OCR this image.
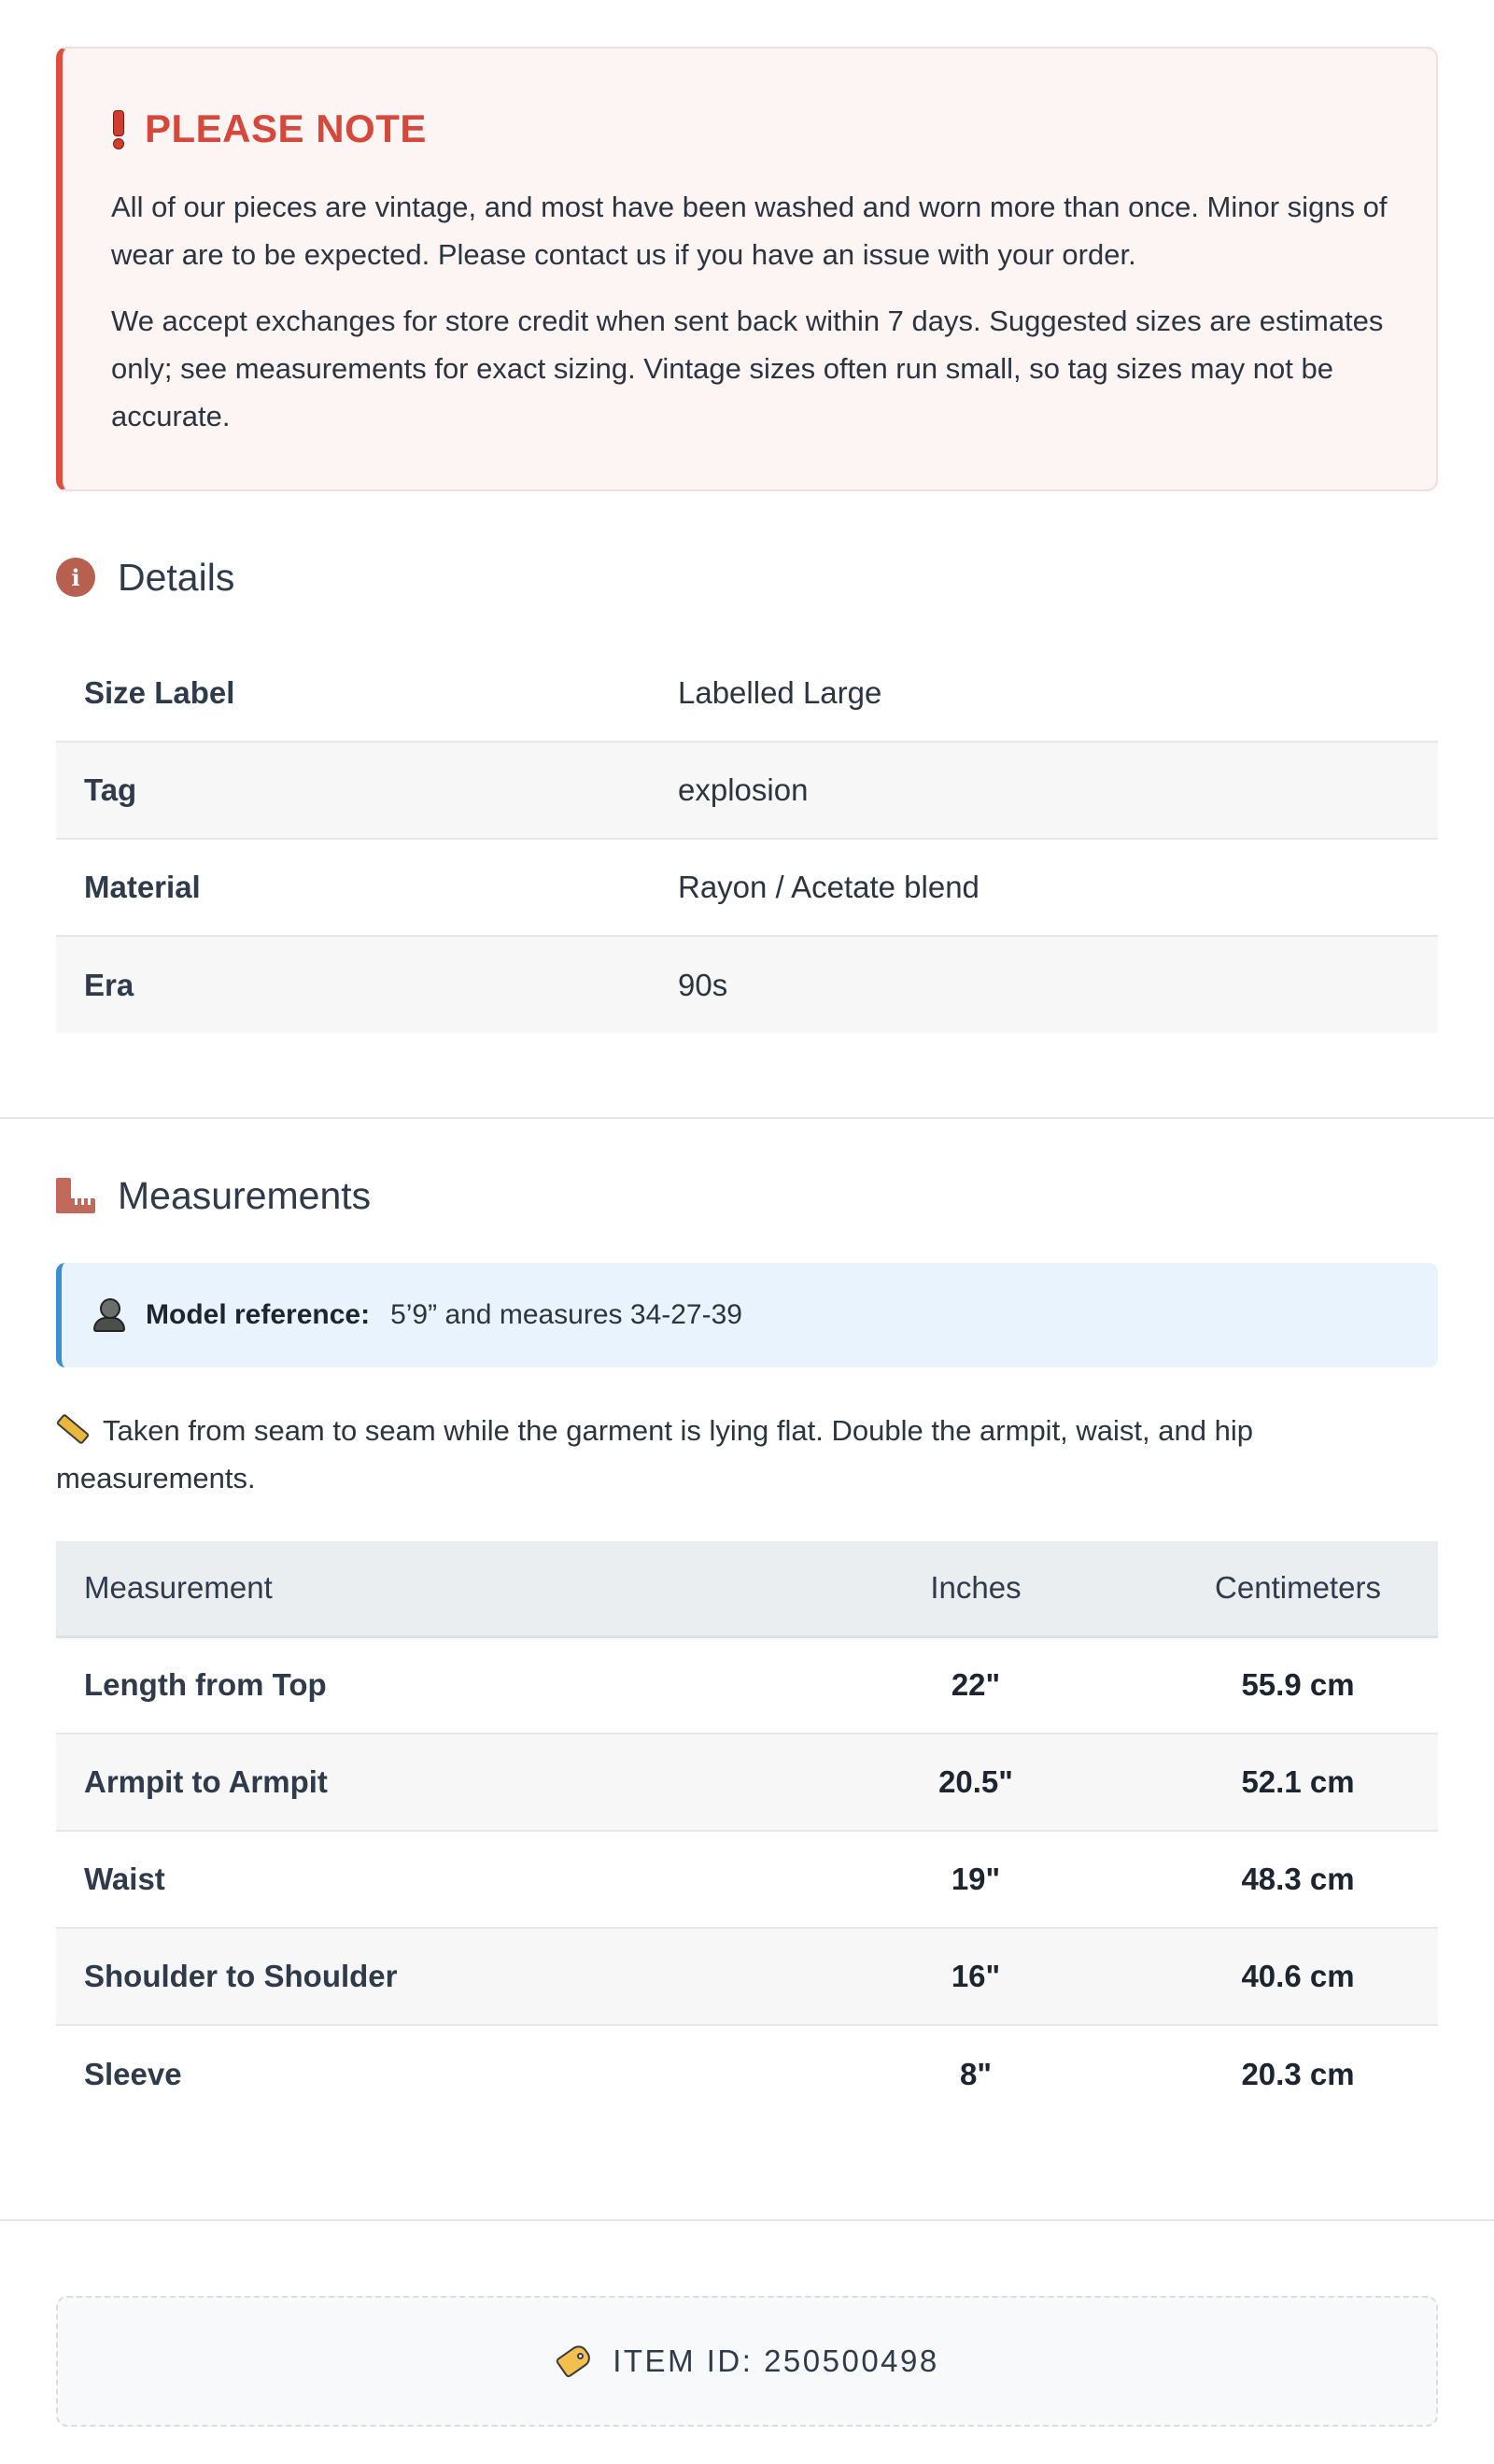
PLEASE NOTE

All of our pieces are vintage, and most have been washed and worn more than once. Minor signs of wear are to be expected. Please contact us if you have an issue with your order.

We accept exchanges for store credit when sent back within 7 days. Suggested sizes are estimates only; see measurements for exact sizing. Vintage sizes often run small, so tag sizes may not be accurate.

i Details
Size Label	Labelled Large
Tag	explosion
Material	Rayon / Acetate blend
Era	90s
Measurements
Model reference: 5’9” and measures 34-27-39
Taken from seam to seam while the garment is lying flat. Double the armpit, waist, and hip measurements.
Measurement	Inches	Centimeters
Length from Top	22"	55.9 cm
Armpit to Armpit	20.5"	52.1 cm
Waist	19"	48.3 cm
Shoulder to Shoulder	16"	40.6 cm
Sleeve	8"	20.3 cm
ITEM ID: 250500498
